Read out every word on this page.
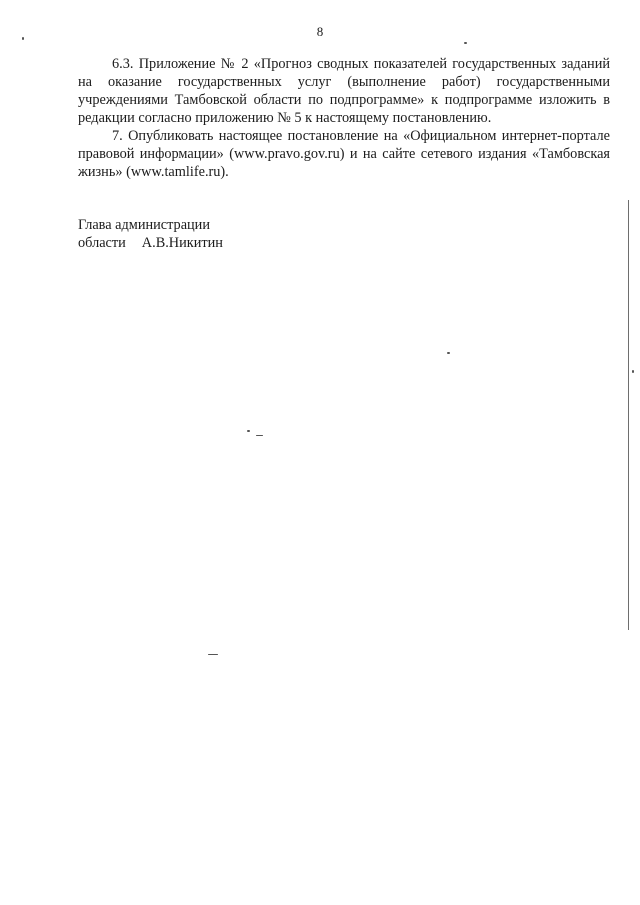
8

6.3. Приложение № 2 «Прогноз сводных показателей государственных заданий на оказание государственных услуг (выполнение работ) государственными учреждениями Тамбовской области по подпрограмме» к подпрограмме изложить в редакции согласно приложению № 5 к настоящему постановлению.

7. Опубликовать настоящее постановление на «Официальном интернет-портале правовой информации» (www.pravo.gov.ru) и на сайте сетевого издания «Тамбовская жизнь» (www.tamlife.ru).

Глава администрации
области А.В.Никитин
